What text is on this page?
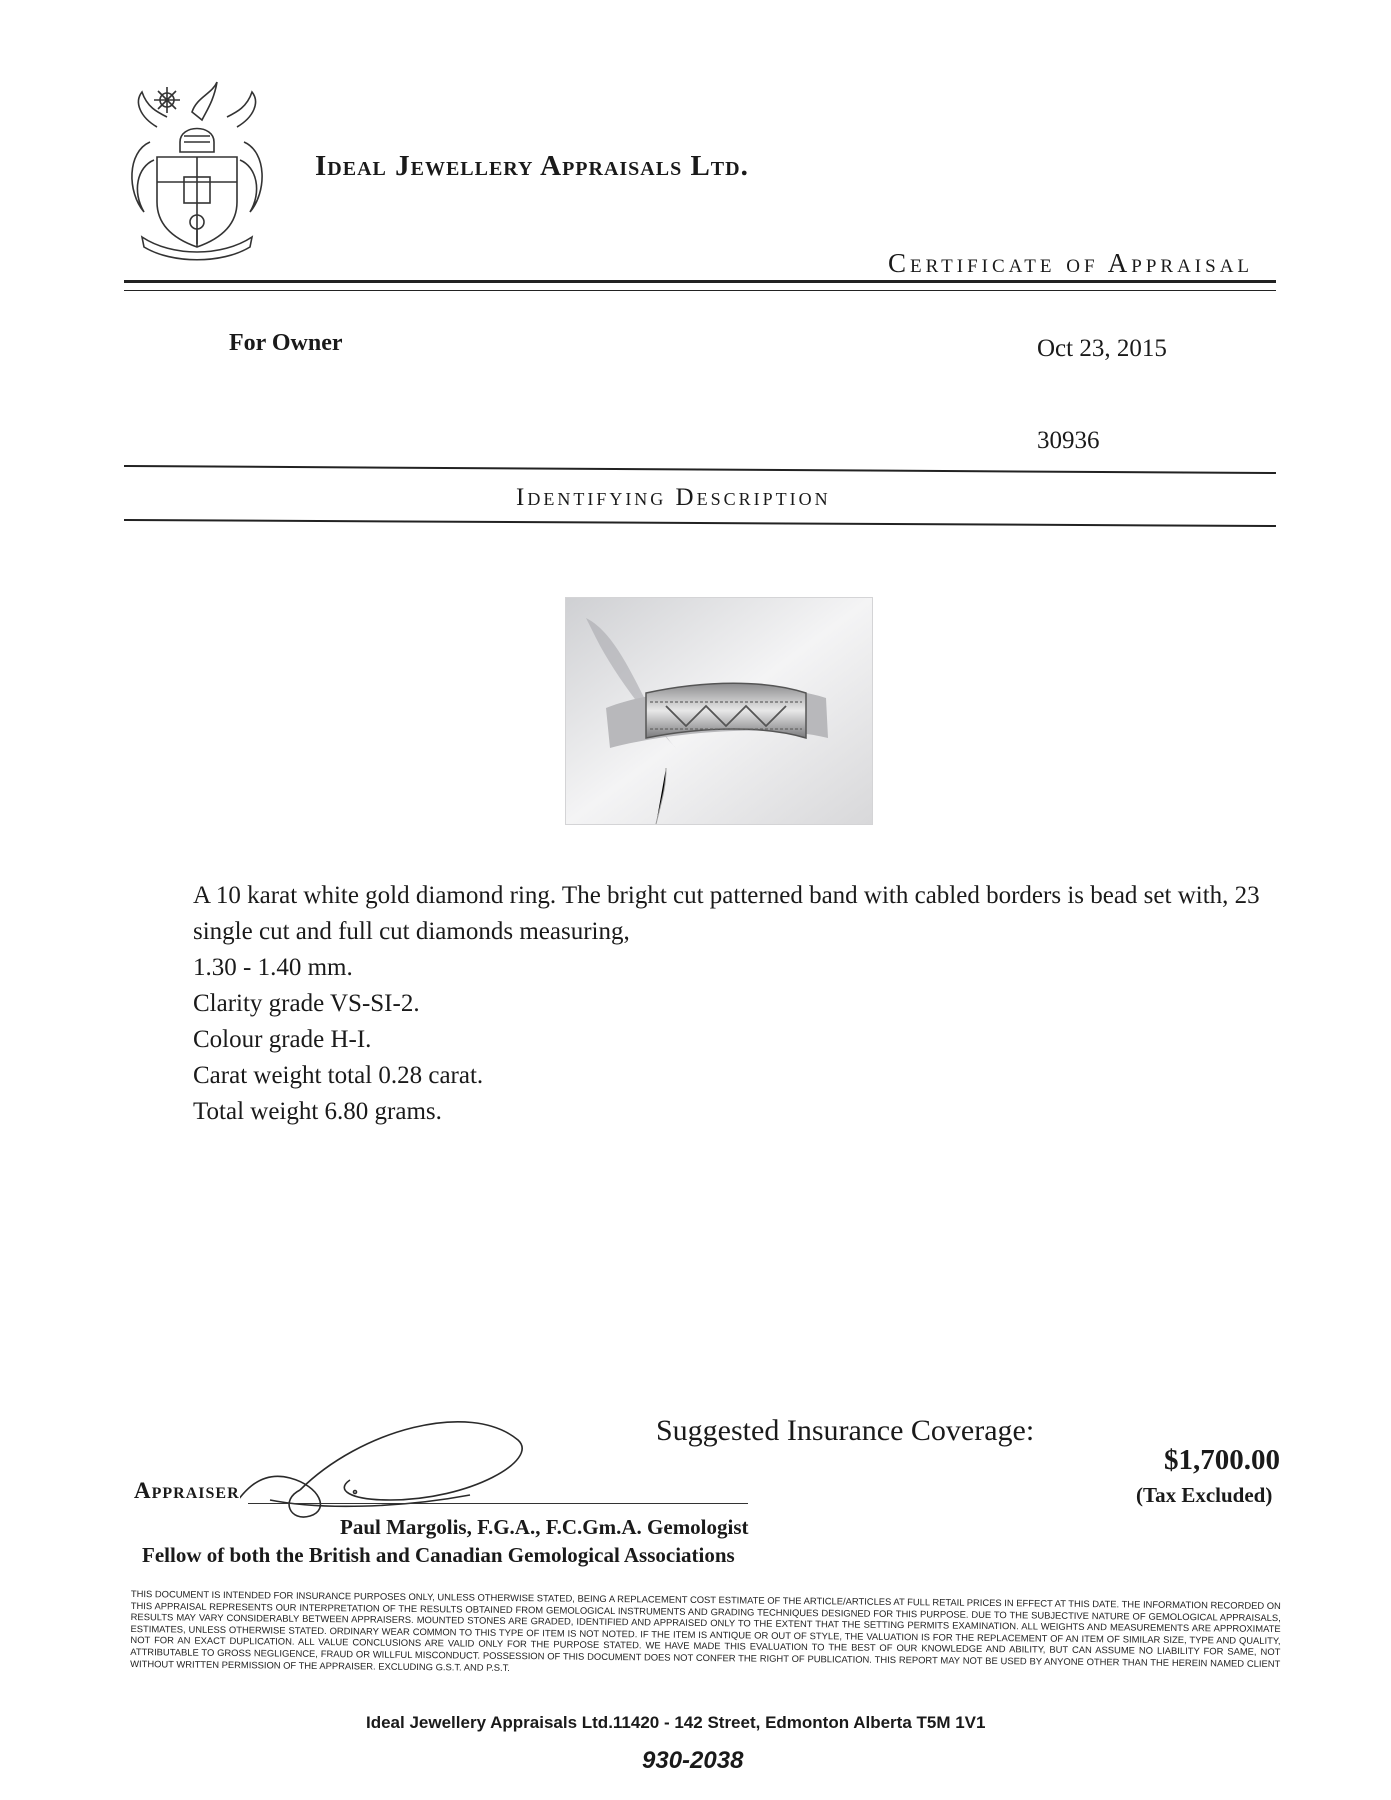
Ideal Jewellery Appraisals Ltd.
Certificate of Appraisal
For Owner	Oct 23, 2015
30936
Identifying Description

A 10 karat white gold diamond ring. The bright cut patterned band with cabled borders is bead set with, 23 single cut and full cut diamonds measuring,

1.30 - 1.40 mm.

Clarity grade VS-SI-2.

Colour grade H-I.

Carat weight total 0.28 carat.

Total weight 6.80 grams.

Suggested Insurance Coverage:
$1,700.00
(Tax Excluded)
Appraiser
Paul Margolis, F.G.A., F.C.Gm.A. Gemologist
Fellow of both the British and Canadian Gemological Associations
THIS DOCUMENT IS INTENDED FOR INSURANCE PURPOSES ONLY, UNLESS OTHERWISE STATED, BEING A REPLACEMENT COST ESTIMATE OF THE ARTICLE/ARTICLES AT FULL RETAIL PRICES IN EFFECT AT THIS DATE. THE INFORMATION RECORDED ON THIS APPRAISAL REPRESENTS OUR INTERPRETATION OF THE RESULTS OBTAINED FROM GEMOLOGICAL INSTRUMENTS AND GRADING TECHNIQUES DESIGNED FOR THIS PURPOSE. DUE TO THE SUBJECTIVE NATURE OF GEMOLOGICAL APPRAISALS, RESULTS MAY VARY CONSIDERABLY BETWEEN APPRAISERS. MOUNTED STONES ARE GRADED, IDENTIFIED AND APPRAISED ONLY TO THE EXTENT THAT THE SETTING PERMITS EXAMINATION. ALL WEIGHTS AND MEASUREMENTS ARE APPROXIMATE ESTIMATES, UNLESS OTHERWISE STATED. ORDINARY WEAR COMMON TO THIS TYPE OF ITEM IS NOT NOTED. IF THE ITEM IS ANTIQUE OR OUT OF STYLE, THE VALUATION IS FOR THE REPLACEMENT OF AN ITEM OF SIMILAR SIZE, TYPE AND QUALITY, NOT FOR AN EXACT DUPLICATION. ALL VALUE CONCLUSIONS ARE VALID ONLY FOR THE PURPOSE STATED. WE HAVE MADE THIS EVALUATION TO THE BEST OF OUR KNOWLEDGE AND ABILITY, BUT CAN ASSUME NO LIABILITY FOR SAME, NOT ATTRIBUTABLE TO GROSS NEGLIGENCE, FRAUD OR WILLFUL MISCONDUCT. POSSESSION OF THIS DOCUMENT DOES NOT CONFER THE RIGHT OF PUBLICATION. THIS REPORT MAY NOT BE USED BY ANYONE OTHER THAN THE HEREIN NAMED CLIENT WITHOUT WRITTEN PERMISSION OF THE APPRAISER. EXCLUDING G.S.T. AND P.S.T.
Ideal Jewellery Appraisals Ltd.11420 - 142 Street, Edmonton Alberta T5M 1V1
930-2038
